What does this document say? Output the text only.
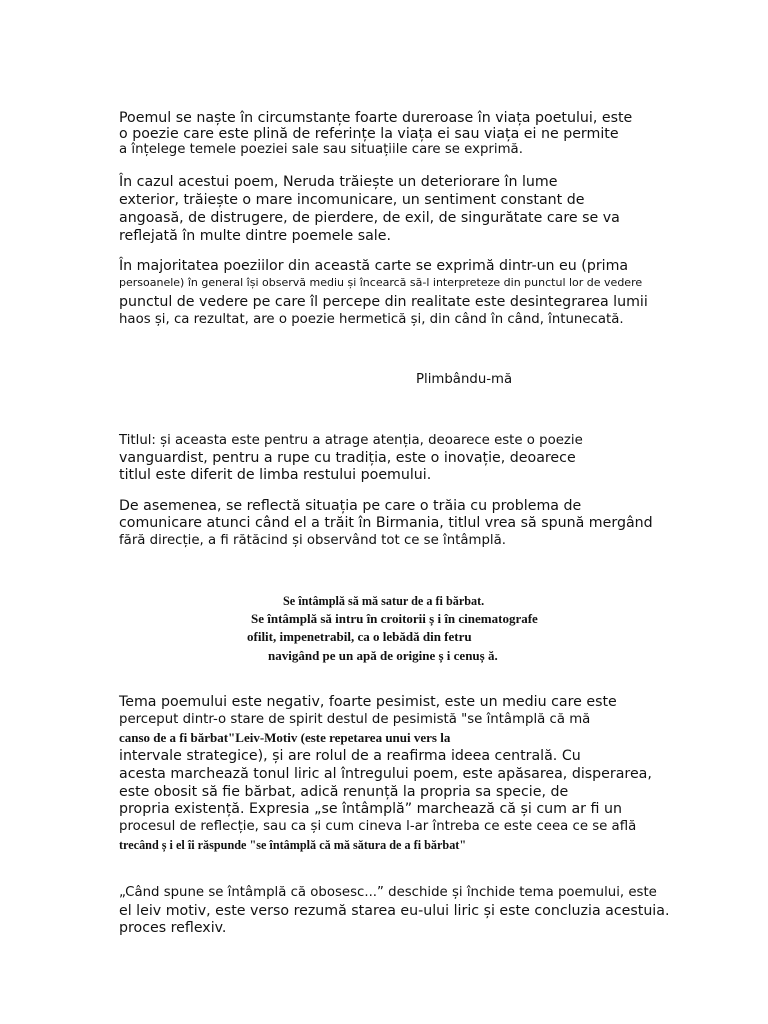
Poemul se naște în circumstanțe foarte dureroase în viața poetului, este
o poezie care este plină de referințe la viața ei sau viața ei ne permite
a înțelege temele poeziei sale sau situațiile care se exprimă.
În cazul acestui poem, Neruda trăiește un deteriorare în lume
exterior, trăiește o mare incomunicare, un sentiment constant de
angoasă, de distrugere, de pierdere, de exil, de singurătate care se va
reflejată în multe dintre poemele sale.
În majoritatea poeziilor din această carte se exprimă dintr-un eu (prima
persoanele) în general își observă mediu și încearcă să-l interpreteze din punctul lor de vedere
punctul de vedere pe care îl percepe din realitate este desintegrarea lumii
haos și, ca rezultat, are o poezie hermetică și, din când în când, întunecată.
Plimbându-mă
Titlul: și aceasta este pentru a atrage atenția, deoarece este o poezie
vanguardist, pentru a rupe cu tradiția, este o inovație, deoarece
titlul este diferit de limba restului poemului.
De asemenea, se reflectă situația pe care o trăia cu problema de
comunicare atunci când el a trăit în Birmania, titlul vrea să spună mergând
fără direcție, a fi rătăcind și observând tot ce se întâmplă.
Se întâmplă să mă satur de a fi bărbat.
Se întâmplă să intru în croitorii ș i în cinematografe
ofilit, impenetrabil, ca o lebădă din fetru
navigând pe un apă de origine ș i cenuș ă.
Tema poemului este negativ, foarte pesimist, este un mediu care este
perceput dintr-o stare de spirit destul de pesimistă "se întâmplă că mă
canso de a fi bărbat"Leiv-Motiv (este repetarea unui vers la
intervale strategice), și are rolul de a reafirma ideea centrală. Cu
acesta marchează tonul liric al întregului poem, este apăsarea, disperarea,
este obosit să fie bărbat, adică renunță la propria sa specie, de
propria existență. Expresia „se întâmplă” marchează că și cum ar fi un
procesul de reflecție, sau ca și cum cineva l-ar întreba ce este ceea ce se află
trecând ș i el îi răspunde "se întâmplă că mă sătura de a fi bărbat"
„Când spune se întâmplă că obosesc...” deschide și închide tema poemului, este
el leiv motiv, este verso rezumă starea eu-ului liric și este concluzia acestuia.
proces reflexiv.
